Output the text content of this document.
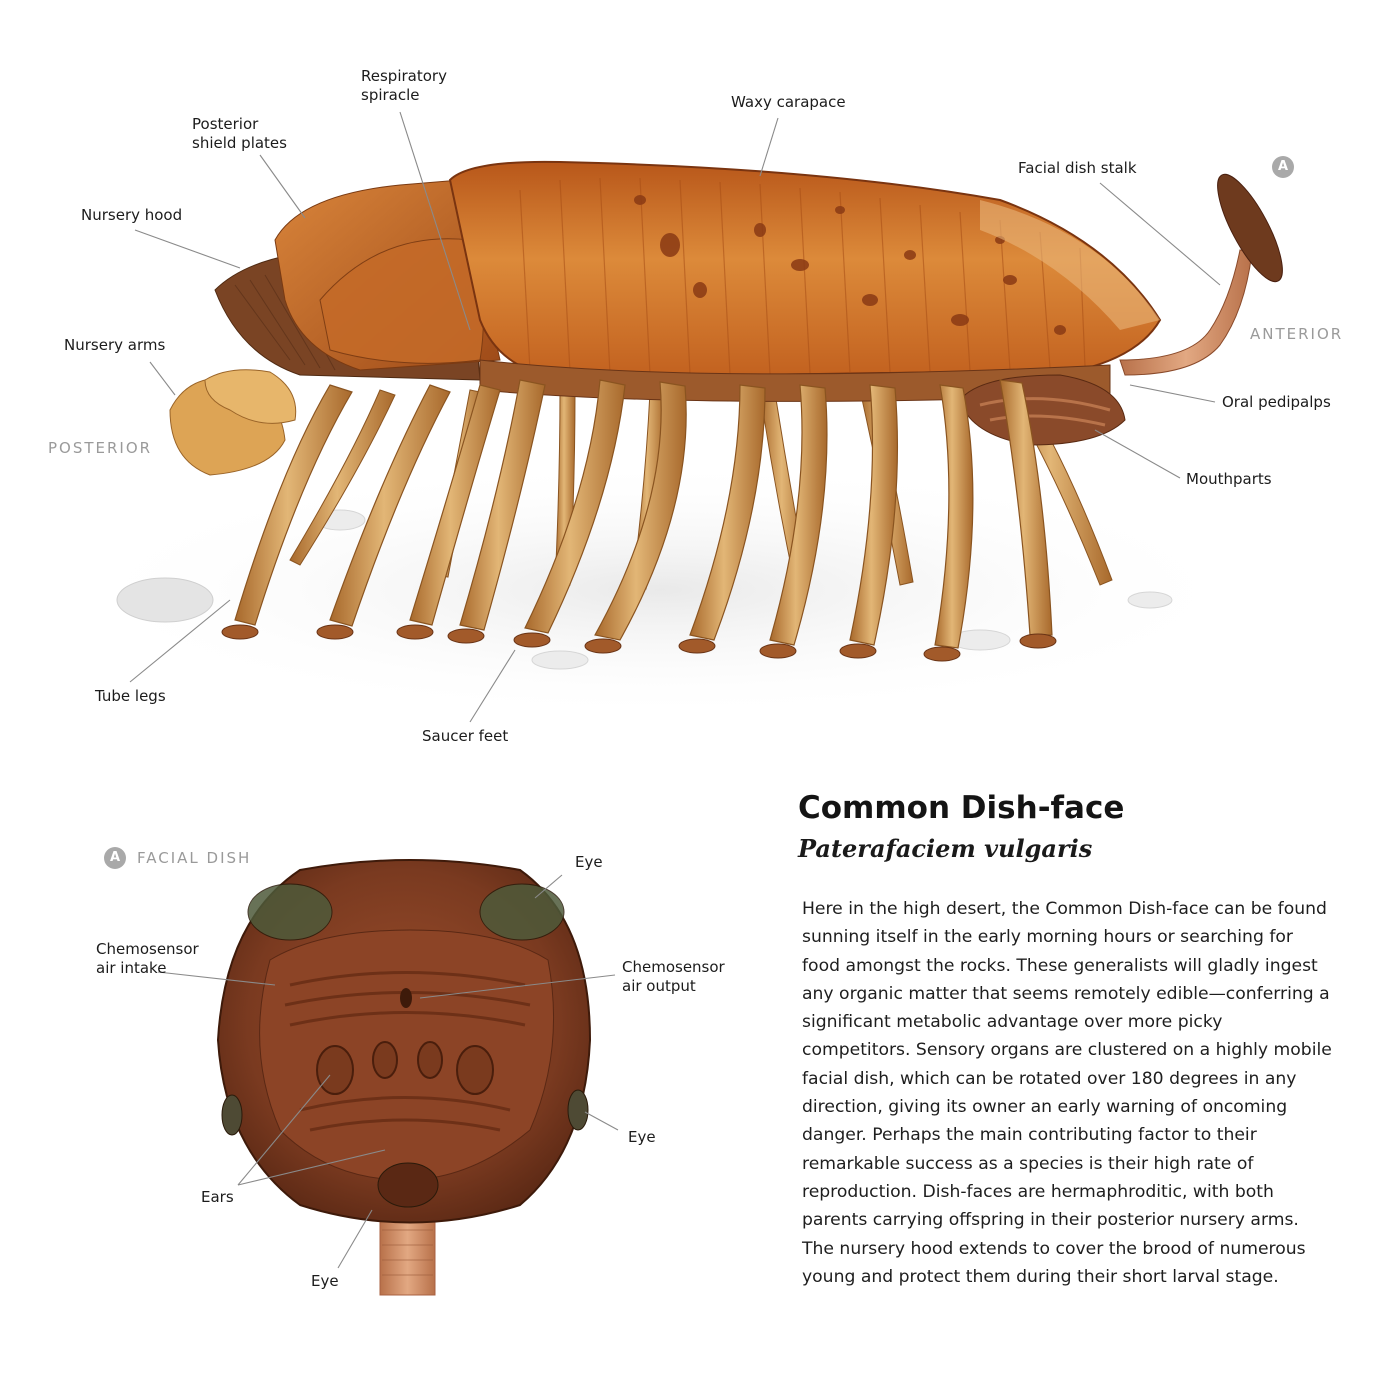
Respiratory
spiracle
Posterior
shield plates
Waxy carapace
Nursery hood
Facial dish stalk
Nursery arms
Oral pedipalps
Mouthparts
Tube legs
Saucer feet
ANTERIOR
POSTERIOR
A
A	FACIAL DISH	Eye
Chemosensor
air intake	Chemosensor
air output
Eye
Ears
Eye
Common Dish-face
Paterafaciem vulgaris

Here in the high desert, the Common Dish-face can be found sunning itself in the early morning hours or searching for food amongst the rocks. These generalists will gladly ingest any organic matter that seems remotely edible—conferring a significant metabolic advantage over more picky competitors. Sensory organs are clustered on a highly mobile facial dish, which can be rotated over 180 degrees in any direction, giving its owner an early warning of oncoming danger. Perhaps the main contributing factor to their remarkable success as a species is their high rate of reproduction. Dish-faces are hermaphroditic, with both parents carrying offspring in their posterior nursery arms. The nursery hood extends to cover the brood of numerous young and protect them during their short larval stage.
